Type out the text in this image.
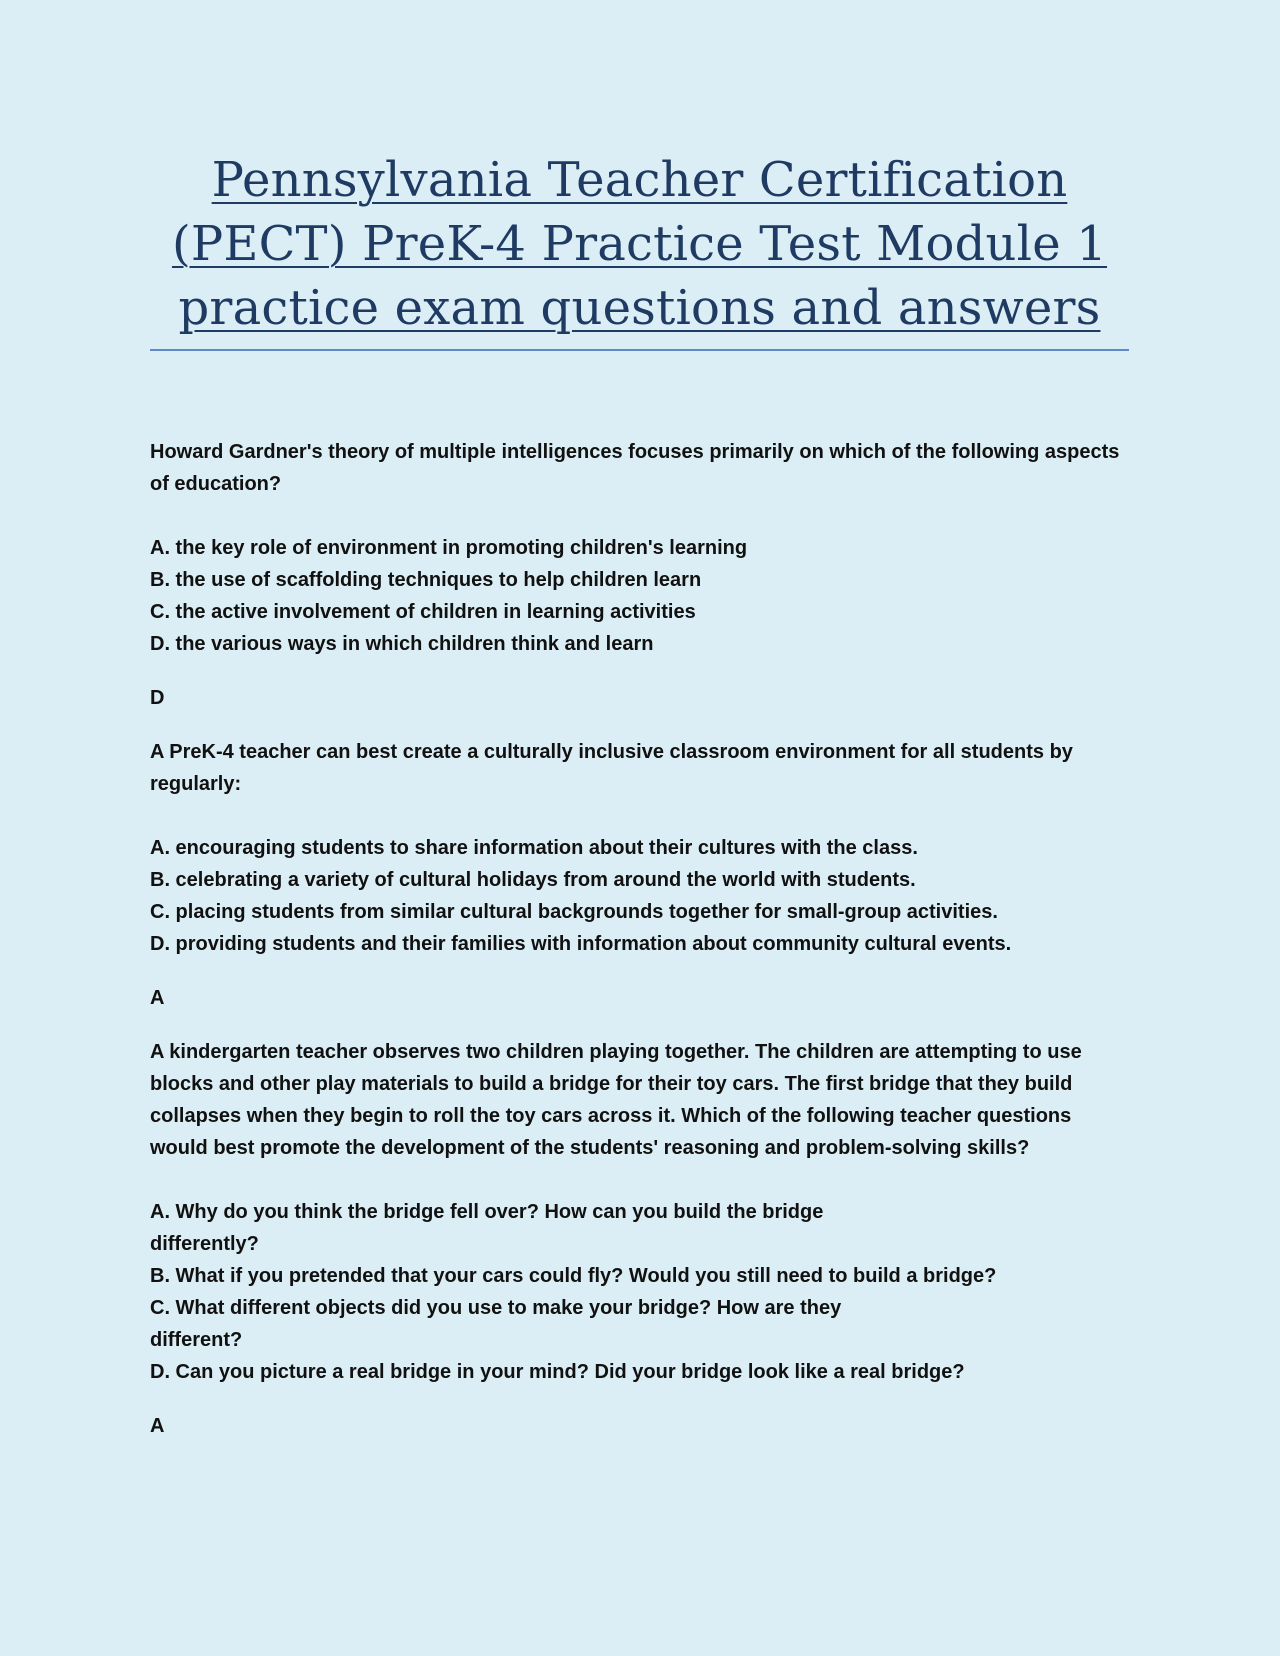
Pennsylvania Teacher Certification
(PECT) PreK-4 Practice Test Module 1
practice exam questions and answers

Howard Gardner's theory of multiple intelligences focuses primarily on which of the following aspects
of education?

A. the key role of environment in promoting children's learning
B. the use of scaffolding techniques to help children learn
C. the active involvement of children in learning activities
D. the various ways in which children think and learn

D

A PreK-4 teacher can best create a culturally inclusive classroom environment for all students by
regularly:

A. encouraging students to share information about their cultures with the class.
B. celebrating a variety of cultural holidays from around the world with students.
C. placing students from similar cultural backgrounds together for small-group activities.
D. providing students and their families with information about community cultural events.

A

A kindergarten teacher observes two children playing together. The children are attempting to use
blocks and other play materials to build a bridge for their toy cars. The first bridge that they build
collapses when they begin to roll the toy cars across it. Which of the following teacher questions
would best promote the development of the students' reasoning and problem-solving skills?

A. Why do you think the bridge fell over? How can you build the bridge
differently?
B. What if you pretended that your cars could fly? Would you still need to build a bridge?
C. What different objects did you use to make your bridge? How are they
different?
D. Can you picture a real bridge in your mind? Did your bridge look like a real bridge?

A
